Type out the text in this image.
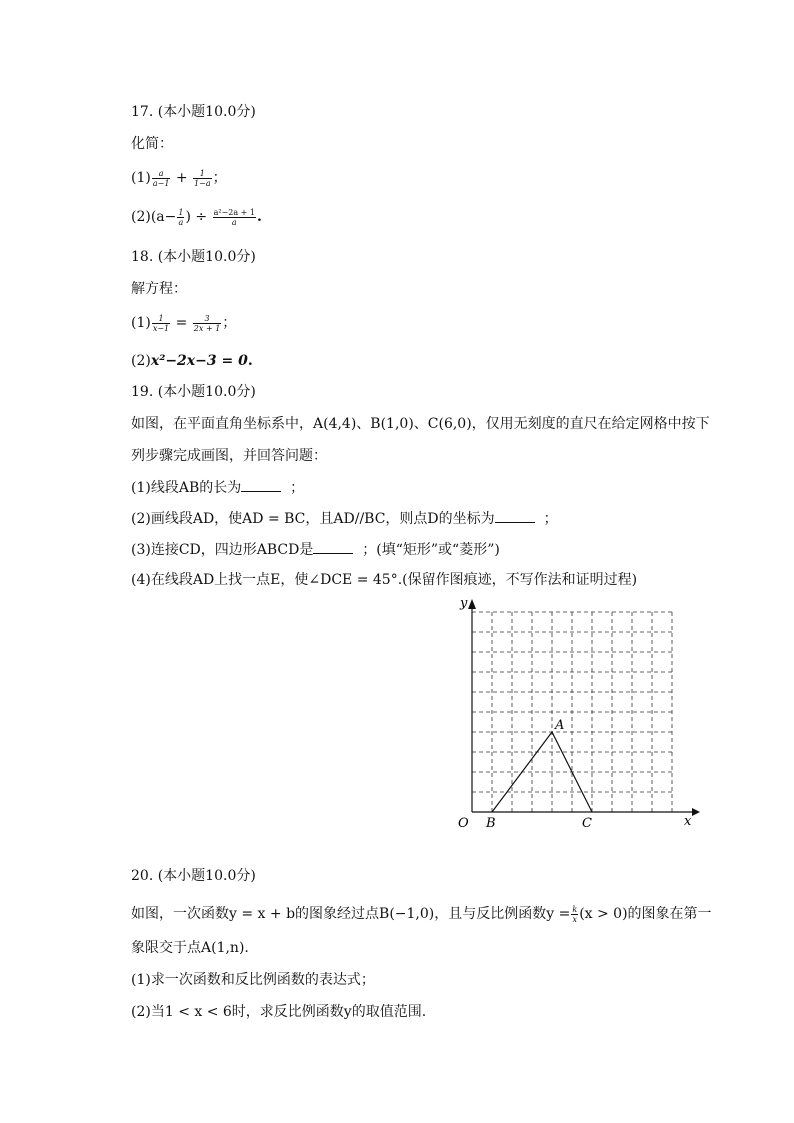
17. (本小题10.0分)
化简：
$(1) \frac{a}{a-1} + \frac{1}{1-a}$ ；
$(2)(a- \frac{1}{a}$ ) ÷ $\frac{\text{a²−2a + 1}}{a}$ .
18. (本小题10.0分)
解方程：
$(1) \frac{1}{x-1} = \frac{3}{2x + 1}$ ；
(2)x²−2x−3 = 0.
19. (本小题10.0分)
如图，在平面直角坐标系中，A(4,4)、B(1,0)、C(6,0)，仅用无刻度的直尺在给定网格中按下
列步骤完成画图，并回答问题：
(1)线段AB的长为	；
(2)画线段AD，使AD = BC，且AD//BC，则点D的坐标为	；
(3)连接CD，四边形ABCD是	；(填“矩形”或“菱形”)
(4)在线段AD上找一点E，使∠DCE = 45°.(保留作图痕迹，不写作法和证明过程)
x
y
O
A
B	C
20. (本小题10.0分)
如图，一次函数y = x + b的图象经过点B(−1,0)，且与反比例函数$y = \frac{k}{x} (x > 0)$的图象在第一
象限交于点A(1,n).
(1)求一次函数和反比例函数的表达式；
(2)当1 < x < 6时，求反比例函数y的取值范围.
